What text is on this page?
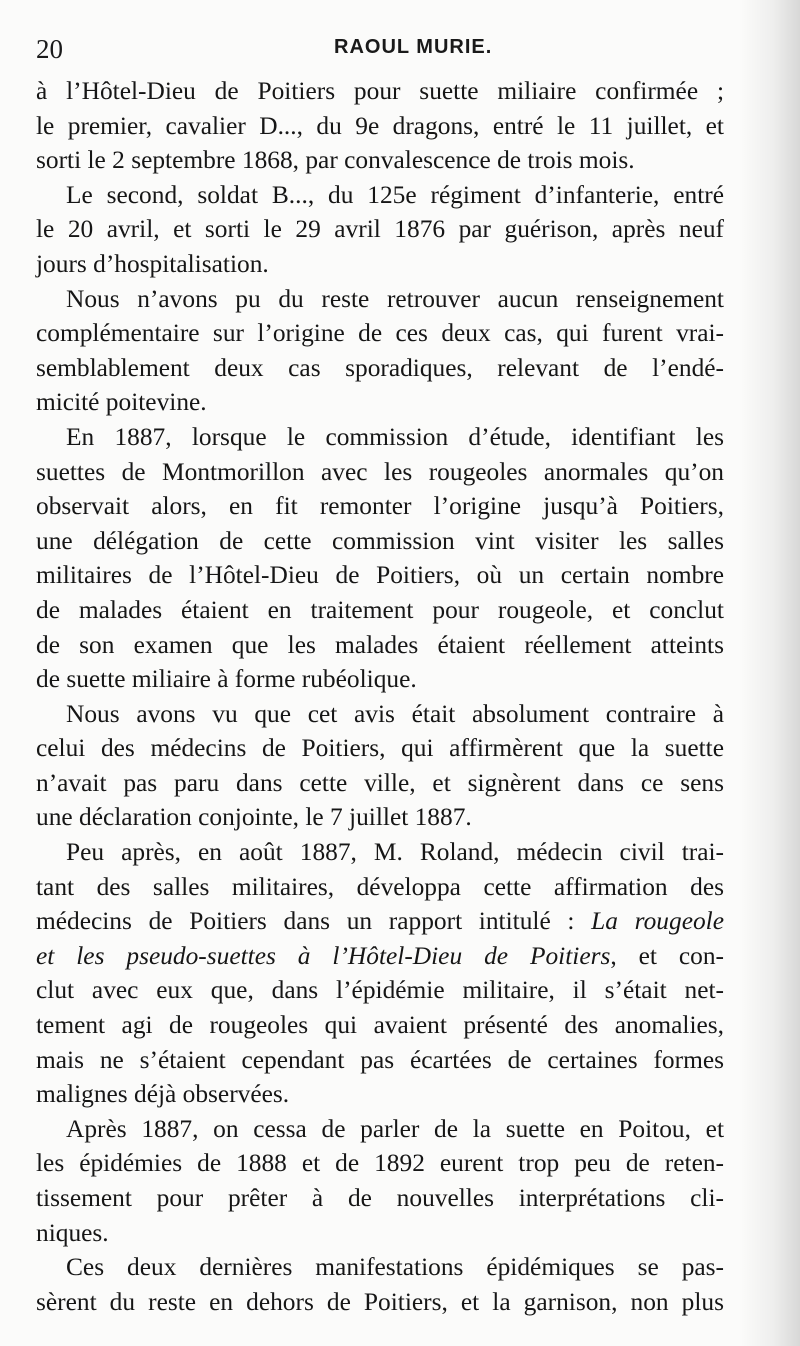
20	RAOUL MURIE.
à l’Hôtel-Dieu de Poitiers pour suette miliaire confirmée ;
le premier, cavalier D..., du 9e dragons, entré le 11 juillet, et
sorti le 2 septembre 1868, par convalescence de trois mois.
Le second, soldat B..., du 125e régiment d’infanterie, entré
le 20 avril, et sorti le 29 avril 1876 par guérison, après neuf
jours d’hospitalisation.
Nous n’avons pu du reste retrouver aucun renseignement
complémentaire sur l’origine de ces deux cas, qui furent vrai-
semblablement deux cas sporadiques, relevant de l’endé-
micité poitevine.
En 1887, lorsque le commission d’étude, identifiant les
suettes de Montmorillon avec les rougeoles anormales qu’on
observait alors, en fit remonter l’origine jusqu’à Poitiers,
une délégation de cette commission vint visiter les salles
militaires de l’Hôtel-Dieu de Poitiers, où un certain nombre
de malades étaient en traitement pour rougeole, et conclut
de son examen que les malades étaient réellement atteints
de suette miliaire à forme rubéolique.
Nous avons vu que cet avis était absolument contraire à
celui des médecins de Poitiers, qui affirmèrent que la suette
n’avait pas paru dans cette ville, et signèrent dans ce sens
une déclaration conjointe, le 7 juillet 1887.
Peu après, en août 1887, M. Roland, médecin civil trai-
tant des salles militaires, développa cette affirmation des
médecins de Poitiers dans un rapport intitulé : La rougeole
et les pseudo-suettes à l’Hôtel-Dieu de Poitiers, et con-
clut avec eux que, dans l’épidémie militaire, il s’était net-
tement agi de rougeoles qui avaient présenté des anomalies,
mais ne s’étaient cependant pas écartées de certaines formes
malignes déjà observées.
Après 1887, on cessa de parler de la suette en Poitou, et
les épidémies de 1888 et de 1892 eurent trop peu de reten-
tissement pour prêter à de nouvelles interprétations cli-
niques.
Ces deux dernières manifestations épidémiques se pas-
sèrent du reste en dehors de Poitiers, et la garnison, non plus
